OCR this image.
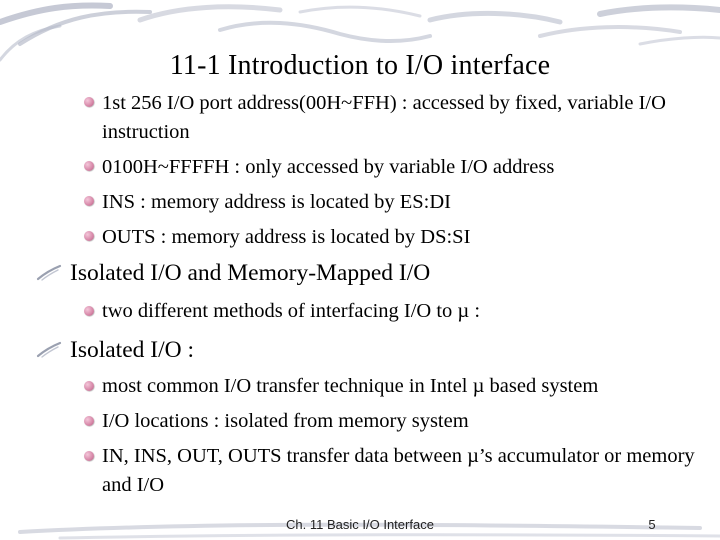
11-1 Introduction to I/O interface
1st 256 I/O port address(00H~FFH) : accessed by fixed, variable I/O instruction
0100H~FFFFH : only accessed by variable I/O address
INS : memory address is located by ES:DI
OUTS : memory address is located by DS:SI
Isolated I/O and Memory-Mapped I/O
two different methods of interfacing I/O to µ :
Isolated I/O :
most common I/O transfer technique in Intel µ based system
I/O locations : isolated from memory system
IN, INS, OUT, OUTS transfer data between µ’s accumulator or memory and I/O
Ch. 11 Basic I/O Interface	5
